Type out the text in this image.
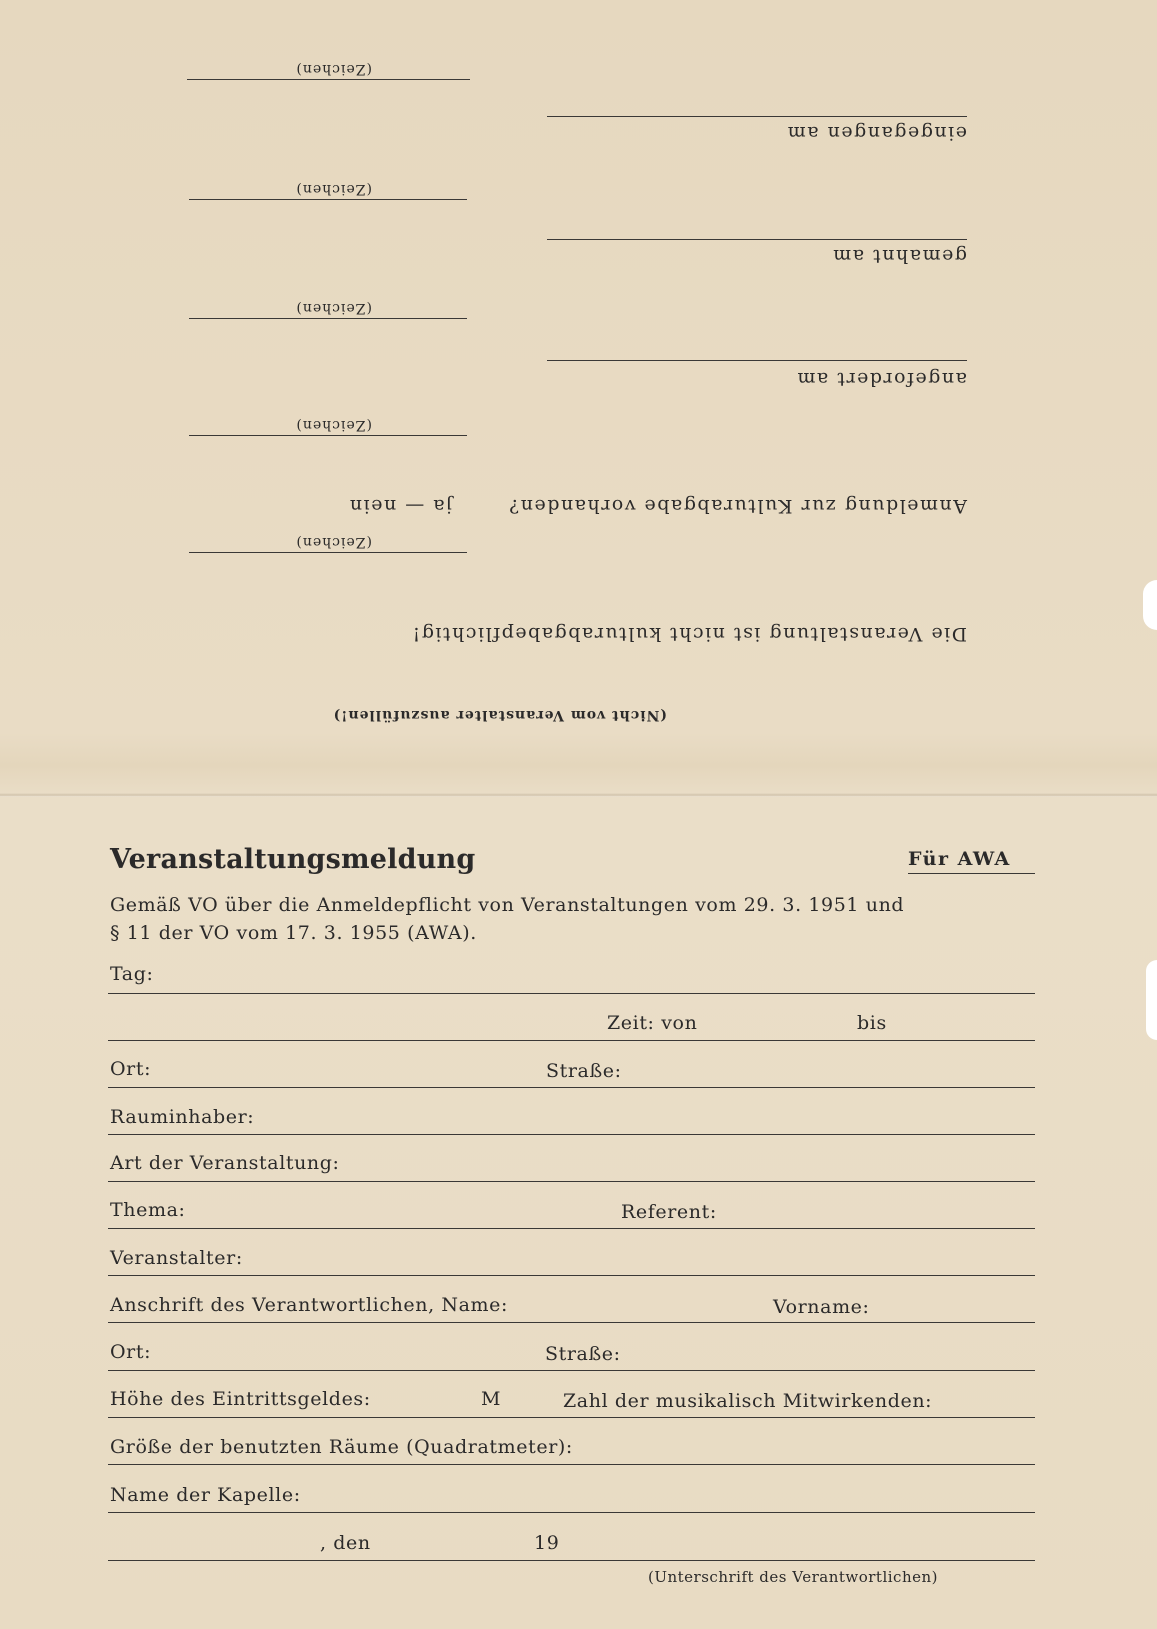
(Nicht vom Veranstalter auszufüllen!)
Die Veranstaltung ist nicht kulturabgabepflichtig!
(Zeichen)
Anmeldung zur Kulturabgabe vorhanden?
ja — nein
(Zeichen)
angefordert am
(Zeichen)
gemahnt am
(Zeichen)
eingegangen am
(Zeichen)
Veranstaltungsmeldung	Für AWA
Gemäß VO über die Anmeldepflicht von Veranstaltungen vom 29. 3. 1951 und
§ 11 der VO vom 17. 3. 1955 (AWA).
Tag:
Zeit: von	bis
Ort:	Straße:
Rauminhaber:
Art der Veranstaltung:
Thema:	Referent:
Veranstalter:
Anschrift des Verantwortlichen, Name:	Vorname:
Ort:	Straße:
Höhe des Eintrittsgeldes:	M	Zahl der musikalisch Mitwirkenden:
Größe der benutzten Räume (Quadratmeter):
Name der Kapelle:
, den	19
(Unterschrift des Verantwortlichen)
